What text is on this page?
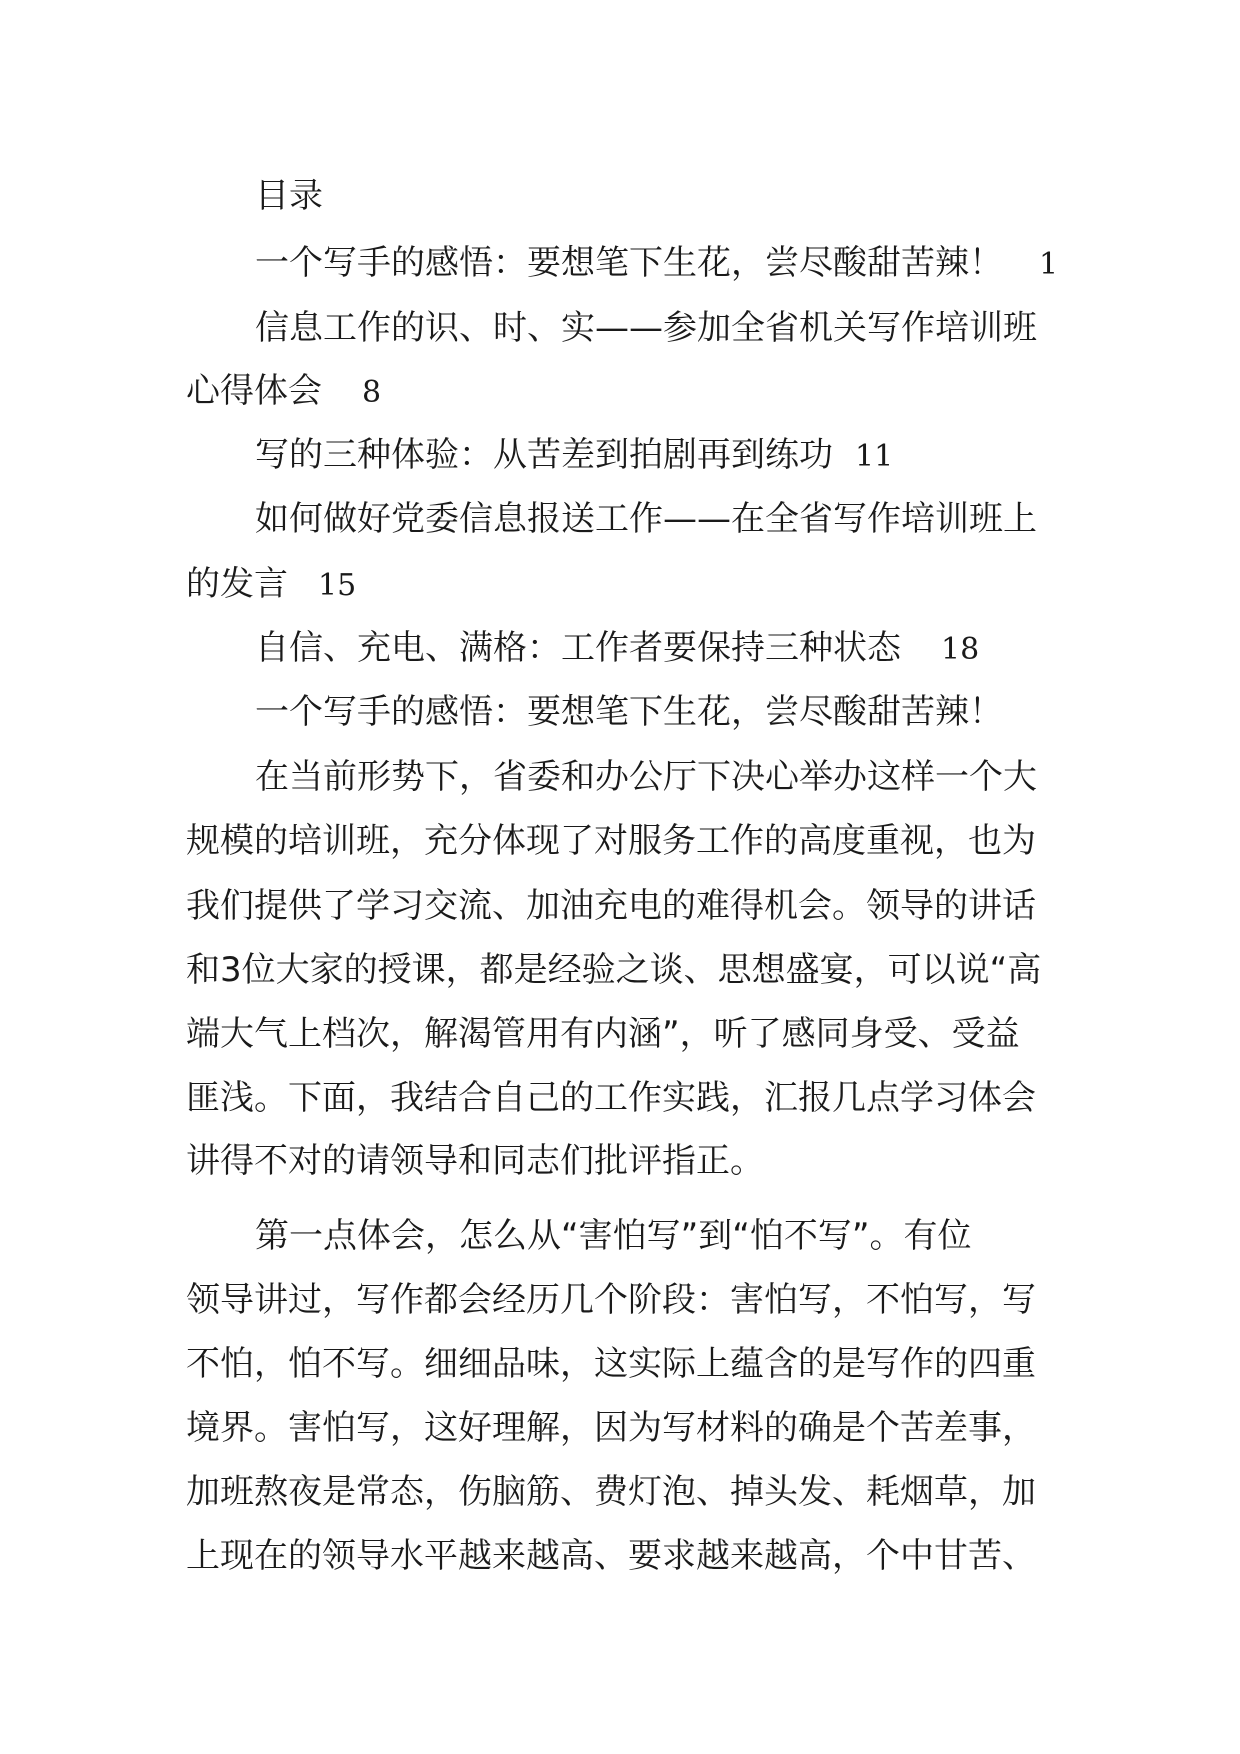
目录
一个写手的感悟：要想笔下生花，尝尽酸甜苦辣！ 1
信息工作的识、时、实——参加全省机关写作培训班
心得体会 8
写的三种体验：从苦差到拍剧再到练功 11
如何做好党委信息报送工作——在全省写作培训班上
的发言 15
自信、充电、满格：工作者要保持三种状态 18
一个写手的感悟：要想笔下生花，尝尽酸甜苦辣！
在当前形势下，省委和办公厅下决心举办这样一个大
规模的培训班，充分体现了对服务工作的高度重视，也为
我们提供了学习交流、加油充电的难得机会。领导的讲话
和3位大家的授课，都是经验之谈、思想盛宴，可以说“高
端大气上档次，解渴管用有内涵”，听了感同身受、受益
匪浅。下面，我结合自己的工作实践，汇报几点学习体会
讲得不对的请领导和同志们批评指正。
第一点体会，怎么从“害怕写”到“怕不写”。有位
领导讲过，写作都会经历几个阶段：害怕写，不怕写，写
不怕，怕不写。细细品味，这实际上蕴含的是写作的四重
境界。害怕写，这好理解，因为写材料的确是个苦差事，
加班熬夜是常态，伤脑筋、费灯泡、掉头发、耗烟草，加
上现在的领导水平越来越高、要求越来越高，个中甘苦、
